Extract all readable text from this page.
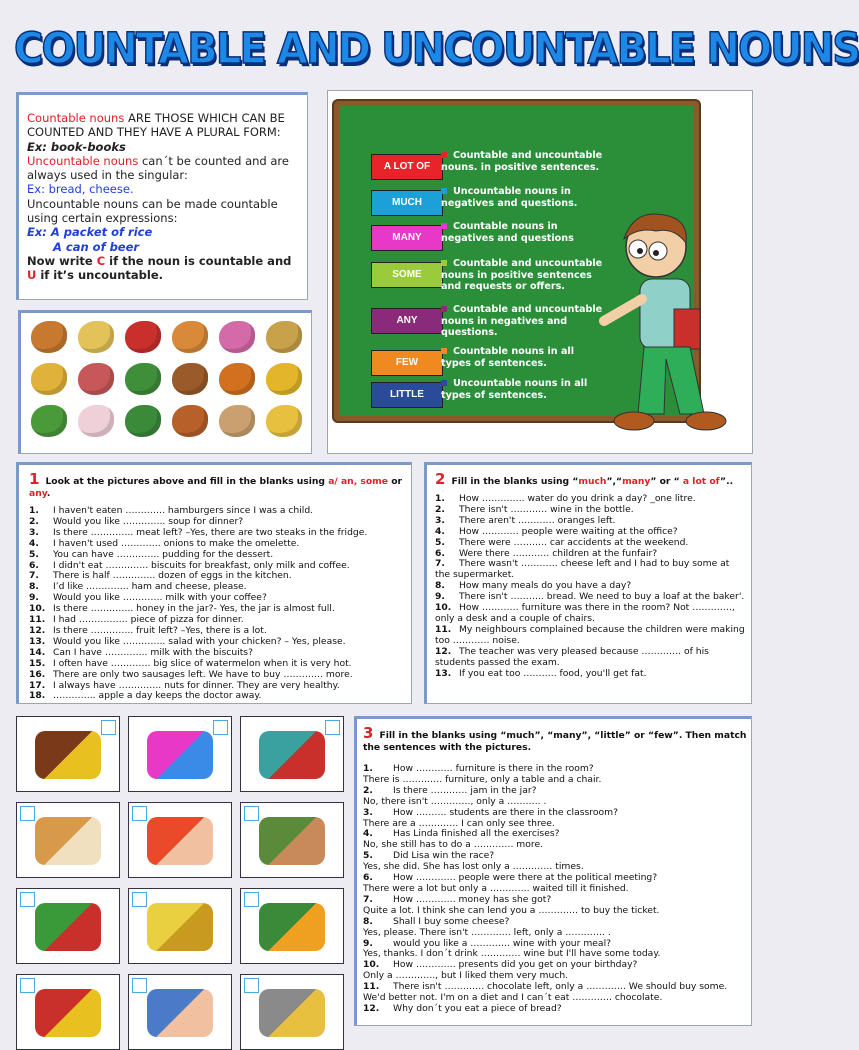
COUNTABLE AND UNCOUNTABLE NOUNS
Countable nouns ARE THOSE WHICH CAN BE COUNTED AND THEY HAVE A PLURAL FORM:
Ex: book-books
Uncountable nouns can´t be counted and are always used in the singular:
Ex: bread, cheese.
Uncountable nouns can be made countable using certain expressions:
Ex: A packet of rice
A can of beer
Now write C if the noun is countable and
U if it’s uncountable.
A LOT OF
Countable and uncountable nouns. in positive sentences.
MUCH
Uncountable nouns in negatives and questions.
MANY
Countable nouns in negatives and questions
SOME
Countable and uncountable nouns in positive sentences and requests or offers.
ANY
Countable and uncountable nouns in negatives and questions.
FEW
Countable nouns in all types of sentences.
LITTLE
Uncountable nouns in all types of sentences.
1 Look at the pictures above and fill in the blanks using a/ an, some or
any.
1.	I haven't eaten …………. hamburgers since I was a child.
2.	Would you like ………….. soup for dinner?
3.	Is there ………….. meat left? –Yes, there are two steaks in the fridge.
4.	I haven't used …………. onions to make the omelette.
5.	You can have ………….. pudding for the dessert.
6.	I didn't eat ………….. biscuits for breakfast, only milk and coffee.
7.	There is half ………….. dozen of eggs in the kitchen.
8.	I’d like ………….. ham and cheese, please.
9.	Would you like …………. milk with your coffee?
10. Is there ………….. honey in the jar?- Yes, the jar is almost full.
11. I had ……………. piece of pizza for dinner.
12. Is there ………….. fruit left? –Yes, there is a lot.
13. Would you like ………….. salad with your chicken? – Yes, please.
14. Can I have ………….. milk with the biscuits?
15. I often have …………. big slice of watermelon when it is very hot.
16. There are only two sausages left. We have to buy …………. more.
17. I always have ………….. nuts for dinner. They are very healthy.
18. ………….. apple a day keeps the doctor away.
2 Fill in the blanks using “much”,“many” or “ a lot of”..
1. How ………….. water do you drink a day? _one litre.
2. There isn't ………… wine in the bottle.
3. There aren't ………… oranges left.
4. How ………… people were waiting at the office?
5. There were ……….. car accidents at the weekend.
6. Were there ………… children at the funfair?
7. There wasn't ………… cheese left and I had to buy some at the supermarket.
8. How many meals do you have a day?
9. There isn't ……….. bread. We need to buy a loaf at the baker'.
10. How ………… furniture was there in the room? Not …………., only a desk and a couple of chairs.
11. My neighbours complained because the children were making too ………… noise.
12. The teacher was very pleased because …………. of his students passed the exam.
13. If you eat too ……….. food, you'll get fat.
3 Fill in the blanks using “much”, “many”, “little” or “few”. Then match the sentences with the pictures.
1. How ………… furniture is there in the room?
There is …………. furniture, only a table and a chair.
2. Is there ………… jam in the jar?
No, there isn't …………., only a ……….. .
3. How ………. students are there in the classroom?
There are a …………. I can only see three.
4. Has Linda finished all the exercises?
No, she still has to do a …………. more.
5. Did Lisa win the race?
Yes, she did. She has lost only a …………. times.
6. How …………. people were there at the political meeting?
There were a lot but only a …………. waited till it finished.
7. How …………. money has she got?
Quite a lot. I think she can lend you a …………. to buy the ticket.
8. Shall I buy some cheese?
Yes, please. There isn't …………. left, only a …………. .
9. would you like a …………. wine with your meal?
Yes, thanks. I don´t drink …………. wine but I'll have some today.
10. How …………. presents did you get on your birthday?
Only a …………., but I liked them very much.
11. There isn't …………. chocolate left, only a …………. We should buy some.
We'd better not. I'm on a diet and I can´t eat …………. chocolate.
12. Why don´t you eat a piece of bread?
